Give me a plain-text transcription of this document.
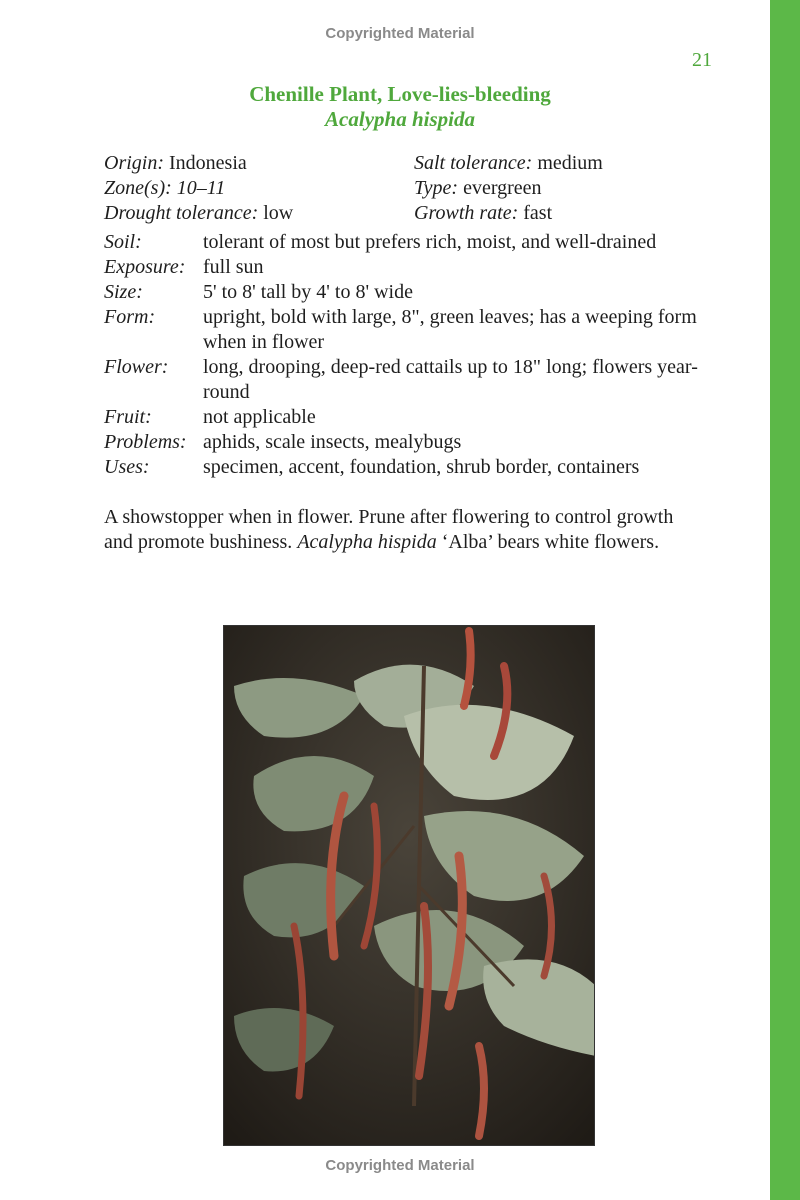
Copyrighted Material
21
Chenille Plant, Love-lies-bleeding
Acalypha hispida
Origin: Indonesia	Salt tolerance: medium
Zone(s): 10–11	Type: evergreen
Drought tolerance: low	Growth rate: fast
Soil:	tolerant of most but prefers rich, moist, and well-drained
Exposure: full sun
Size:	5' to 8' tall by 4' to 8' wide
Form:	upright, bold with large, 8", green leaves; has a weeping form when in flower
Flower:	long, drooping, deep-red cattails up to 18" long; flowers year-round
Fruit:	not applicable
Problems: aphids, scale insects, mealybugs
Uses:	specimen, accent, foundation, shrub border, containers

A showstopper when in flower. Prune after flowering to control growth and promote bushiness. Acalypha hispida ‘Alba’ bears white flowers.

Copyrighted Material
